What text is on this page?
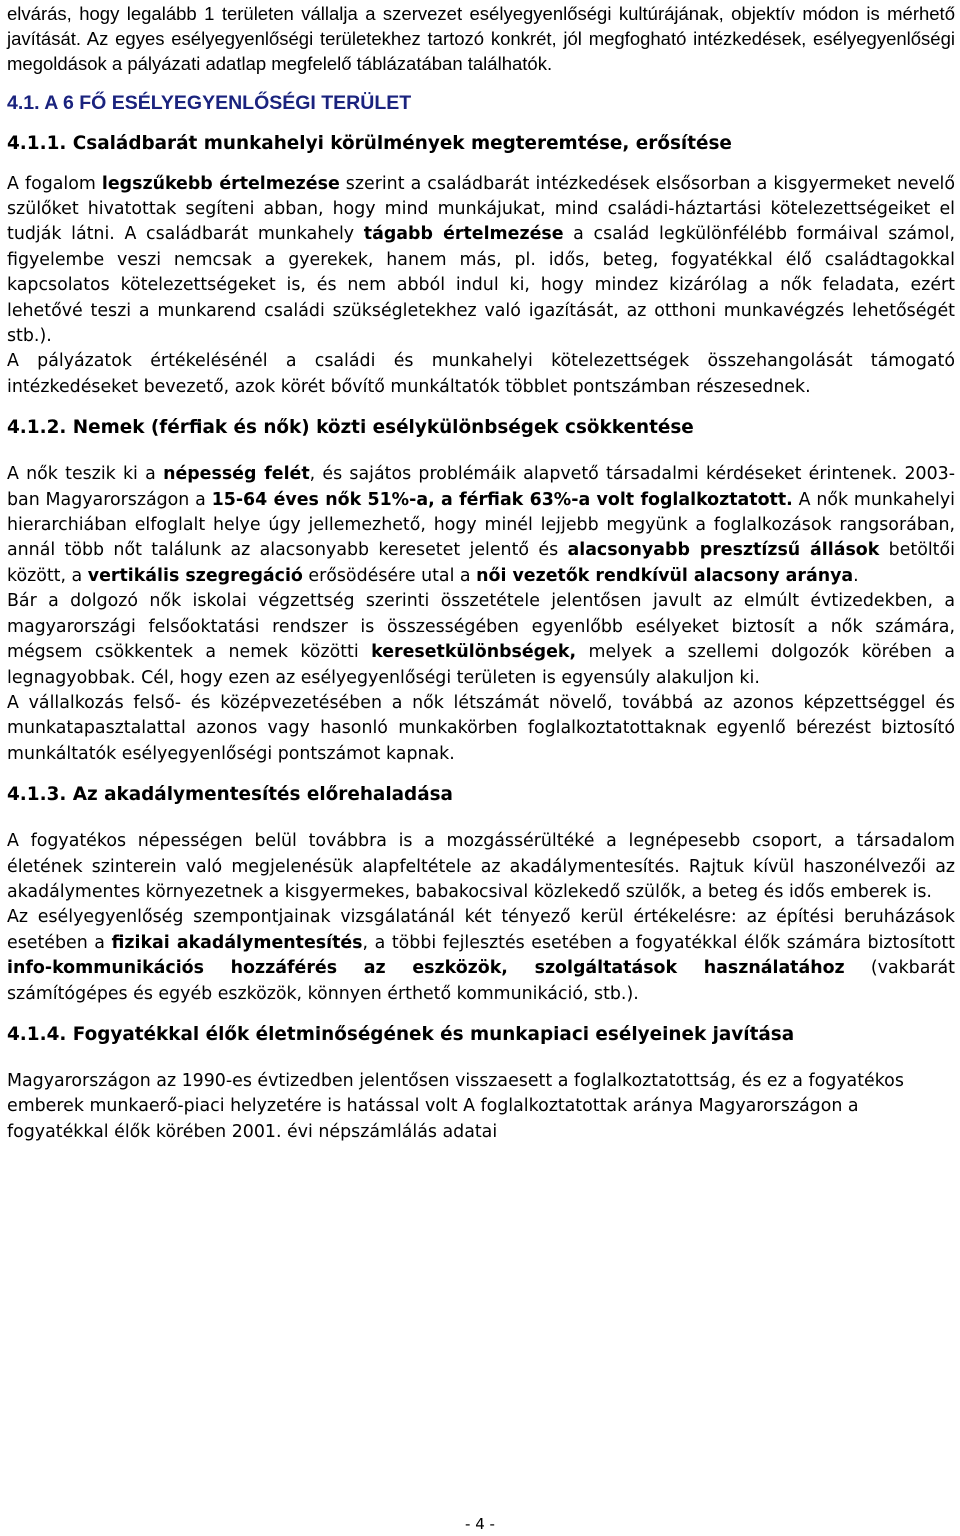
elvárás, hogy legalább 1 területen vállalja a szervezet esélyegyenlőségi kultúrájának, objektív módon is mérhető javítását. Az egyes esélyegyenlőségi területekhez tartozó konkrét, jól megfogható intézkedések, esélyegyenlőségi megoldások a pályázati adatlap megfelelő táblázatában találhatók.

4.1. A 6 FŐ ESÉLYEGYENLŐSÉGI TERÜLET

4.1.1. Családbarát munkahelyi körülmények megteremtése, erősítése

A fogalom legszűkebb értelmezése szerint a családbarát intézkedések elsősorban a kisgyermeket nevelő szülőket hivatottak segíteni abban, hogy mind munkájukat, mind családi-háztartási kötelezettségeiket el tudják látni. A családbarát munkahely tágabb értelmezése a család legkülönfélébb formáival számol, figyelembe veszi nemcsak a gyerekek, hanem más, pl. idős, beteg, fogyatékkal élő családtagokkal kapcsolatos kötelezettségeket is, és nem abból indul ki, hogy mindez kizárólag a nők feladata, ezért lehetővé teszi a munkarend családi szükségletekhez való igazítását, az otthoni munkavégzés lehetőségét stb.).

A pályázatok értékelésénél a családi és munkahelyi kötelezettségek összehangolását támogató intézkedéseket bevezető, azok körét bővítő munkáltatók többlet pontszámban részesednek.

4.1.2. Nemek (férfiak és nők) közti esélykülönbségek csökkentése

A nők teszik ki a népesség felét, és sajátos problémáik alapvető társadalmi kérdéseket érintenek. 2003-ban Magyarországon a 15-64 éves nők 51%-a, a férfiak 63%-a volt foglalkoztatott. A nők munkahelyi hierarchiában elfoglalt helye úgy jellemezhető, hogy minél lejjebb megyünk a foglalkozások rangsorában, annál több nőt találunk az alacsonyabb keresetet jelentő és alacsonyabb presztízsű állások betöltői között, a vertikális szegregáció erősödésére utal a női vezetők rendkívül alacsony aránya.

Bár a dolgozó nők iskolai végzettség szerinti összetétele jelentősen javult az elmúlt évtizedekben, a magyarországi felsőoktatási rendszer is összességében egyenlőbb esélyeket biztosít a nők számára, mégsem csökkentek a nemek közötti keresetkülönbségek, melyek a szellemi dolgozók körében a legnagyobbak. Cél, hogy ezen az esélyegyenlőségi területen is egyensúly alakuljon ki.

A vállalkozás felső- és középvezetésében a nők létszámát növelő, továbbá az azonos képzettséggel és munkatapasztalattal azonos vagy hasonló munkakörben foglalkoztatottaknak egyenlő bérezést biztosító munkáltatók esélyegyenlőségi pontszámot kapnak.

4.1.3. Az akadálymentesítés előrehaladása

A fogyatékos népességen belül továbbra is a mozgássérültéké a legnépesebb csoport, a társadalom életének szinterein való megjelenésük alapfeltétele az akadálymentesítés. Rajtuk kívül haszonélvezői az akadálymentes környezetnek a kisgyermekes, babakocsival közlekedő szülők, a beteg és idős emberek is.

Az esélyegyenlőség szempontjainak vizsgálatánál két tényező kerül értékelésre: az építési beruházások esetében a fizikai akadálymentesítés, a többi fejlesztés esetében a fogyatékkal élők számára biztosított info-kommunikációs hozzáférés az eszközök, szolgáltatások használatához (vakbarát számítógépes és egyéb eszközök, könnyen érthető kommunikáció, stb.).

4.1.4. Fogyatékkal élők életminőségének és munkapiaci esélyeinek javítása

Magyarországon az 1990-es évtizedben jelentősen visszaesett a foglalkoztatottság, és ez a fogyatékos emberek munkaerő-piaci helyzetére is hatással volt A foglalkoztatottak aránya Magyarországon a fogyatékkal élők körében 2001. évi népszámlálás adatai

- 4 -
